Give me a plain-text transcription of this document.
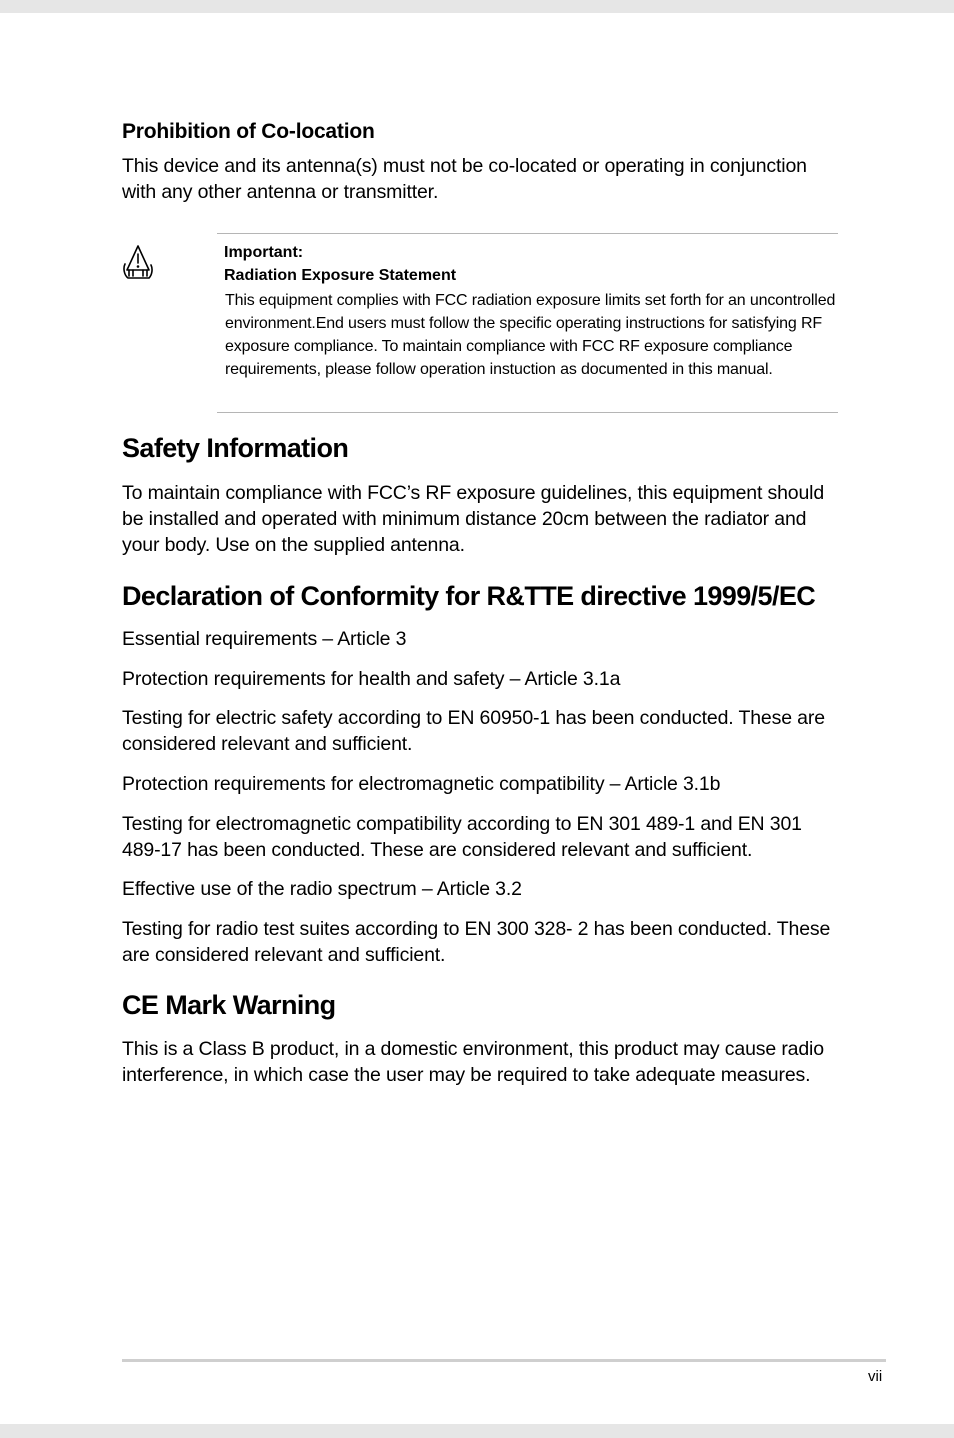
Prohibition of Co-location

This device and its antenna(s) must not be co-located or operating in conjunction with any other antenna or transmitter.

Important:

Radiation Exposure Statement

This equipment complies with FCC radiation exposure limits set forth for an uncontrolled environment.End users must follow the specific operating instructions for satisfying RF exposure compliance. To maintain compliance with FCC RF exposure compliance requirements, please follow operation instuction as documented in this manual.

Safety Information

To maintain compliance with FCC’s RF exposure guidelines, this equipment should be installed and operated with minimum distance 20cm between the radiator and your body. Use on the supplied antenna.

Declaration of Conformity for R&TTE directive 1999/5/EC

Essential requirements – Article 3

Protection requirements for health and safety – Article 3.1a

Testing for electric safety according to EN 60950-1 has been conducted. These are considered relevant and sufficient.

Protection requirements for electromagnetic compatibility – Article 3.1b

Testing for electromagnetic compatibility according to EN 301 489-1 and EN 301 489-17 has been conducted. These are considered relevant and sufficient.

Effective use of the radio spectrum – Article 3.2

Testing for radio test suites according to EN 300 328- 2 has been conducted. These are considered relevant and sufficient.

CE Mark Warning

This is a Class B product, in a domestic environment, this product may cause radio interference, in which case the user may be required to take adequate measures.

vii
